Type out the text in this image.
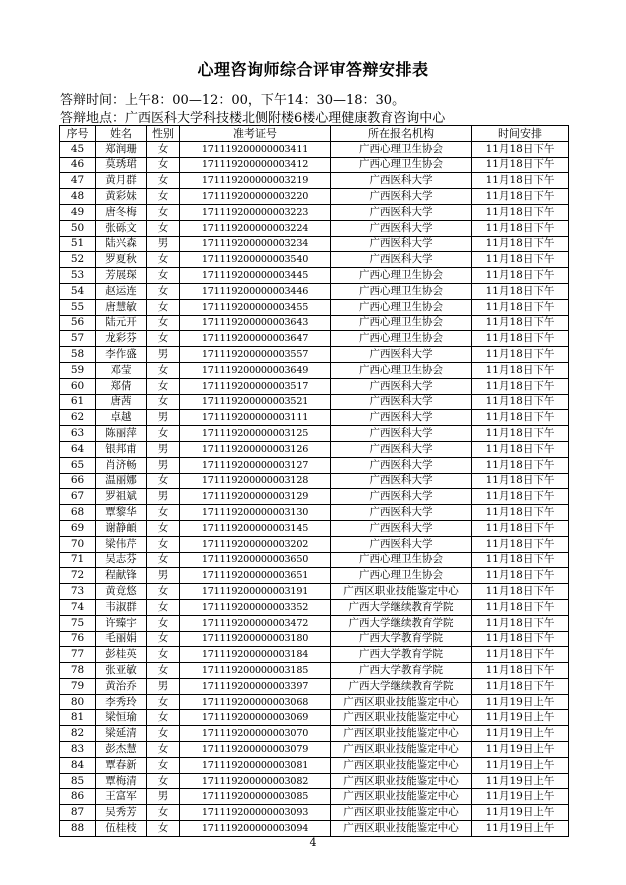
心理咨询师综合评审答辩安排表
答辩时间：上午8：00—12：00，下午14：30—18：30。
答辩地点：广西医科大学科技楼北侧附楼6楼心理健康教育咨询中心
序号	姓名	性别	准考证号	所在报名机构	时间安排
45	郑润珊	女	171119200000003411	广西心理卫生协会	11月18日下午
46	莫琇珺	女	171119200000003412	广西心理卫生协会	11月18日下午
47	黄月群	女	171119200000003219	广西医科大学	11月18日下午
48	黄彩妹	女	171119200000003220	广西医科大学	11月18日下午
49	唐冬梅	女	171119200000003223	广西医科大学	11月18日下午
50	张砾文	女	171119200000003224	广西医科大学	11月18日下午
51	陆兴森	男	171119200000003234	广西医科大学	11月18日下午
52	罗夏秋	女	171119200000003540	广西医科大学	11月18日下午
53	芳展琛	女	171119200000003445	广西心理卫生协会	11月18日下午
54	赵运连	女	171119200000003446	广西心理卫生协会	11月18日下午
55	唐慧敏	女	171119200000003455	广西心理卫生协会	11月18日下午
56	陆元开	女	171119200000003643	广西心理卫生协会	11月18日下午
57	龙彩芬	女	171119200000003647	广西心理卫生协会	11月18日下午
58	李作盛	男	171119200000003557	广西医科大学	11月18日下午
59	邓莹	女	171119200000003649	广西心理卫生协会	11月18日下午
60	郑倩	女	171119200000003517	广西医科大学	11月18日下午
61	唐茜	女	171119200000003521	广西医科大学	11月18日下午
62	卓越	男	171119200000003111	广西医科大学	11月18日下午
63	陈丽萍	女	171119200000003125	广西医科大学	11月18日下午
64	银邦甫	男	171119200000003126	广西医科大学	11月18日下午
65	肖济畅	男	171119200000003127	广西医科大学	11月18日下午
66	温丽娜	女	171119200000003128	广西医科大学	11月18日下午
67	罗祖斌	男	171119200000003129	广西医科大学	11月18日下午
68	覃黎华	女	171119200000003130	广西医科大学	11月18日下午
69	谢静頔	女	171119200000003145	广西医科大学	11月18日下午
70	梁伟芹	女	171119200000003202	广西医科大学	11月18日下午
71	吴志芬	女	171119200000003650	广西心理卫生协会	11月18日下午
72	程献锋	男	171119200000003651	广西心理卫生协会	11月18日下午
73	黄竟悠	女	171119200000003191	广西区职业技能鉴定中心	11月18日下午
74	韦淑群	女	171119200000003352	广西大学继续教育学院	11月18日下午
75	许臻宇	女	171119200000003472	广西大学继续教育学院	11月18日下午
76	毛丽娟	女	171119200000003180	广西大学教育学院	11月18日下午
77	彭桂英	女	171119200000003184	广西大学教育学院	11月18日下午
78	张亚敏	女	171119200000003185	广西大学教育学院	11月18日下午
79	黄治乔	男	171119200000003397	广西大学继续教育学院	11月18日下午
80	李秀玲	女	171119200000003068	广西区职业技能鉴定中心	11月19日上午
81	梁恒瑜	女	171119200000003069	广西区职业技能鉴定中心	11月19日上午
82	梁延清	女	171119200000003070	广西区职业技能鉴定中心	11月19日上午
83	彭杰慧	女	171119200000003079	广西区职业技能鉴定中心	11月19日上午
84	覃春新	女	171119200000003081	广西区职业技能鉴定中心	11月19日上午
85	覃梅清	女	171119200000003082	广西区职业技能鉴定中心	11月19日上午
86	王富军	男	171119200000003085	广西区职业技能鉴定中心	11月19日上午
87	吴秀芳	女	171119200000003093	广西区职业技能鉴定中心	11月19日上午
88	伍桂枝	女	171119200000003094	广西区职业技能鉴定中心	11月19日上午
4
